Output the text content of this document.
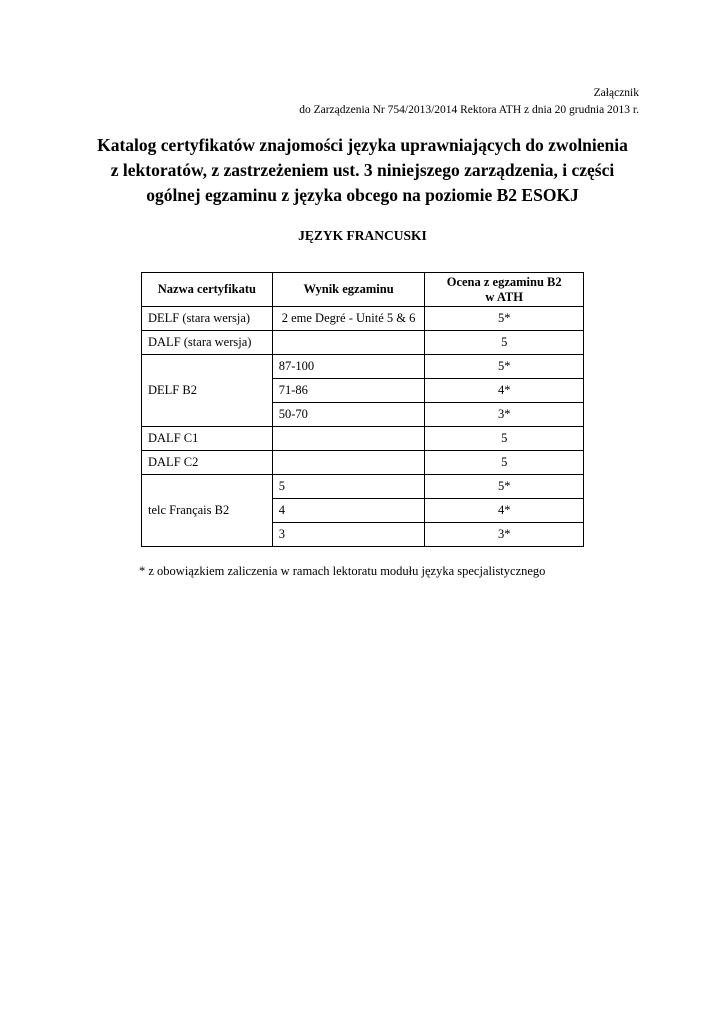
Załącznik
do Zarządzenia Nr 754/2013/2014 Rektora ATH z dnia 20 grudnia 2013 r.
Katalog certyfikatów znajomości języka uprawniających do zwolnienia
z lektoratów, z zastrzeżeniem ust. 3 niniejszego zarządzenia, i części
ogólnej egzaminu z języka obcego na poziomie B2 ESOKJ
JĘZYK FRANCUSKI
Nazwa certyfikatu	Wynik egzaminu	Ocena z egzaminu B2
w ATH

DELF (stara wersja)	2 eme Degré - Unité 5 & 6	5*
DALF (stara wersja)		5
DELF B2	87-100	5*
	71-86	4*
	50-70	3*
DALF C1		5
DALF C2		5
telc Français B2	5	5*
	4	4*
	3	3*
* z obowiązkiem zaliczenia w ramach lektoratu modułu języka specjalistycznego
